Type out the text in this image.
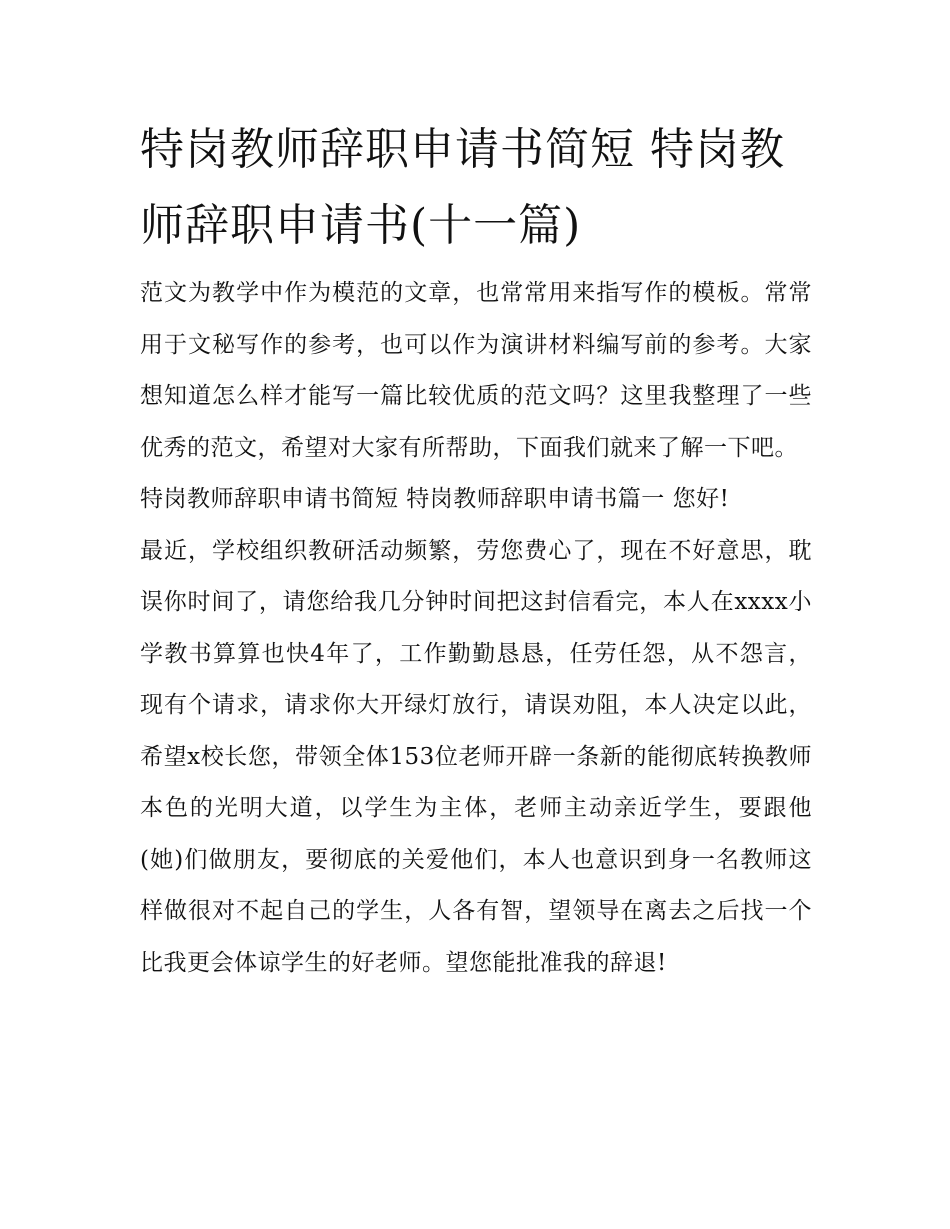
特岗教师辞职申请书简短 特岗教师辞职申请书(十一篇)

范文为教学中作为模范的文章，也常常用来指写作的模板。常常用于文秘写作的参考，也可以作为演讲材料编写前的参考。大家想知道怎么样才能写一篇比较优质的范文吗？这里我整理了一些优秀的范文，希望对大家有所帮助，下面我们就来了解一下吧。

特岗教师辞职申请书简短 特岗教师辞职申请书篇一 您好!

最近，学校组织教研活动频繁，劳您费心了，现在不好意思，耽误你时间了，请您给我几分钟时间把这封信看完，本人在xxxx小学教书算算也快4年了，工作勤勤恳恳，任劳任怨，从不怨言，现有个请求，请求你大开绿灯放行，请误劝阻，本人决定以此，希望x校长您，带领全体153位老师开辟一条新的能彻底转换教师本色的光明大道，以学生为主体，老师主动亲近学生，要跟他(她)们做朋友，要彻底的关爱他们，本人也意识到身一名教师这样做很对不起自己的学生，人各有智，望领导在离去之后找一个比我更会体谅学生的好老师。望您能批准我的辞退!
